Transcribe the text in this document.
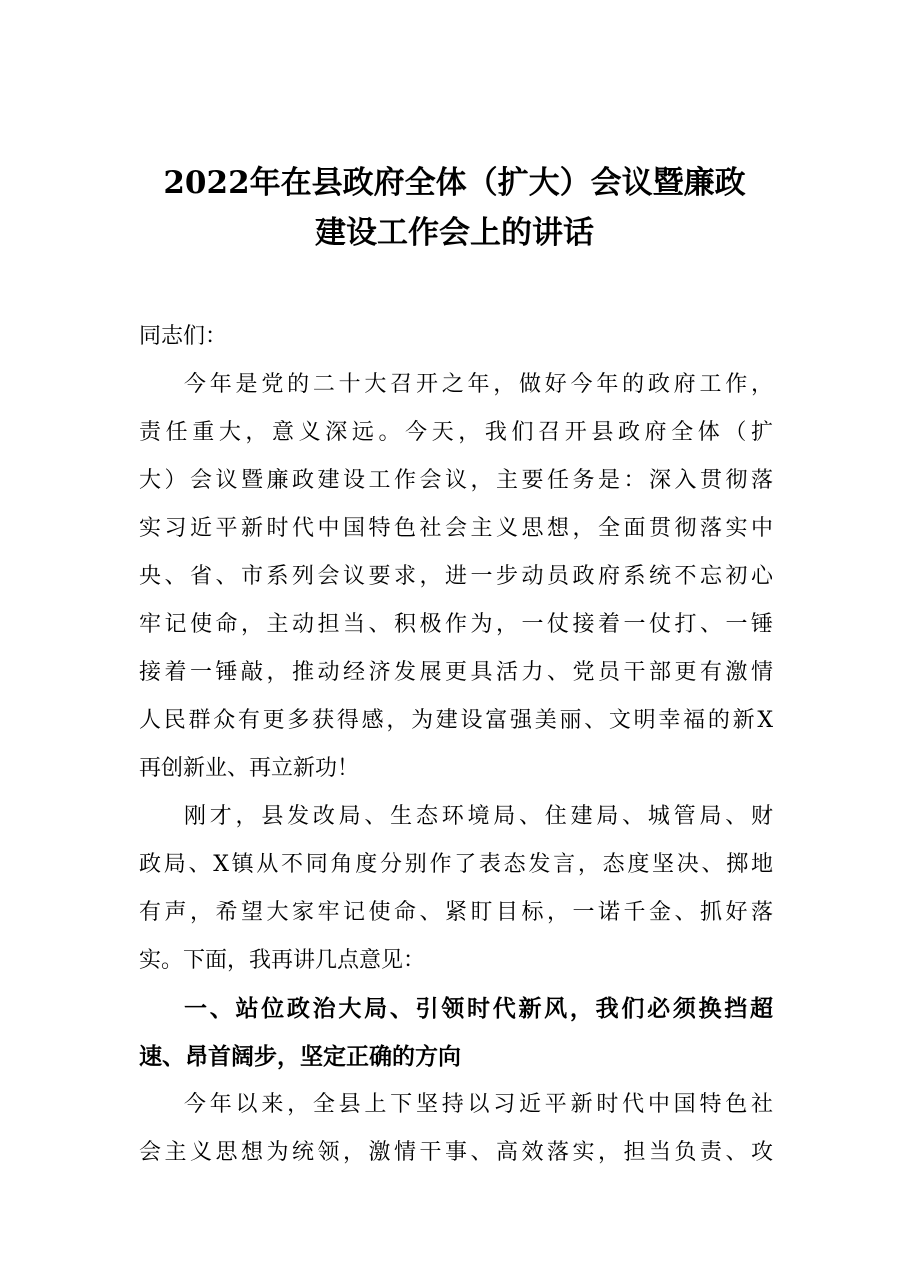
2022年在县政府全体（扩大）会议暨廉政
建设工作会上的讲话
同志们：
今年是党的二十大召开之年，做好今年的政府工作，
责任重大，意义深远。今天，我们召开县政府全体（扩
大）会议暨廉政建设工作会议，主要任务是：深入贯彻落
实习近平新时代中国特色社会主义思想，全面贯彻落实中
央、省、市系列会议要求，进一步动员政府系统不忘初心
牢记使命，主动担当、积极作为，一仗接着一仗打、一锤
接着一锤敲，推动经济发展更具活力、党员干部更有激情
人民群众有更多获得感，为建设富强美丽、文明幸福的新X
再创新业、再立新功！
刚才，县发改局、生态环境局、住建局、城管局、财
政局、X镇从不同角度分别作了表态发言，态度坚决、掷地
有声，希望大家牢记使命、紧盯目标，一诺千金、抓好落
实。下面，我再讲几点意见：
一、站位政治大局、引领时代新风，我们必须换挡超
速、昂首阔步，坚定正确的方向
今年以来，全县上下坚持以习近平新时代中国特色社
会主义思想为统领，激情干事、高效落实，担当负责、攻
